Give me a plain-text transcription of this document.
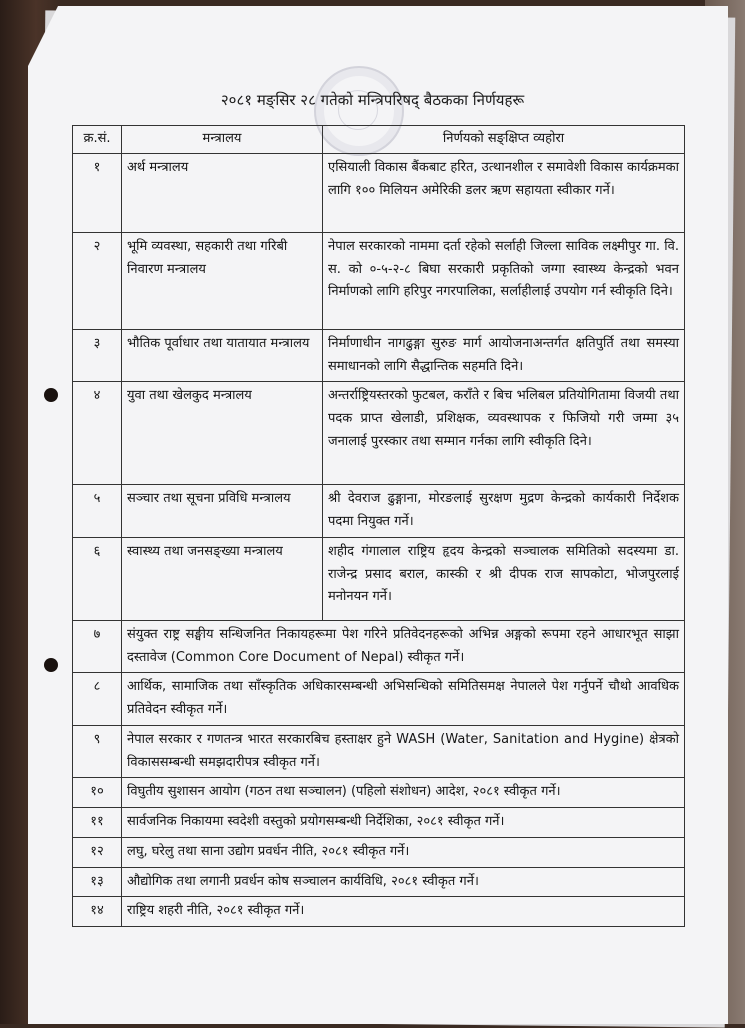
२०८१ मङ्सिर २८ गतेको मन्त्रिपरिषद् बैठकका निर्णयहरू
क्र.सं.	मन्त्रालय	निर्णयको सङ्क्षिप्त व्यहोरा
१	अर्थ मन्त्रालय	एसियाली विकास बैंकबाट हरित, उत्थानशील र समावेशी विकास कार्यक्रमका लागि १०० मिलियन अमेरिकी डलर ऋण सहायता स्वीकार गर्ने।
२	भूमि व्यवस्था, सहकारी तथा गरिबी निवारण मन्त्रालय	नेपाल सरकारको नाममा दर्ता रहेको सर्लाही जिल्ला साविक लक्ष्मीपुर गा. वि. स. को ०-५-२-८ बिघा सरकारी प्रकृतिको जग्गा स्वास्थ्य केन्द्रको भवन निर्माणको लागि हरिपुर नगरपालिका, सर्लाहीलाई उपयोग गर्न स्वीकृति दिने।
३	भौतिक पूर्वाधार तथा यातायात मन्त्रालय	निर्माणाधीन नागढुङ्गा सुरुङ मार्ग आयोजनाअन्तर्गत क्षतिपुर्ति तथा समस्या समाधानको लागि सैद्धान्तिक सहमति दिने।
४	युवा तथा खेलकुद मन्त्रालय	अन्तर्राष्ट्रियस्तरको फुटबल, कराँते र बिच भलिबल प्रतियोगितामा विजयी तथा पदक प्राप्त खेलाडी, प्रशिक्षक, व्यवस्थापक र फिजियो गरी जम्मा ३५ जनालाई पुरस्कार तथा सम्मान गर्नका लागि स्वीकृति दिने।
५	सञ्चार तथा सूचना प्रविधि मन्त्रालय	श्री देवराज ढुङ्गाना, मोरङलाई सुरक्षण मुद्रण केन्द्रको कार्यकारी निर्देशक पदमा नियुक्त गर्ने।
६	स्वास्थ्य तथा जनसङ्ख्या मन्त्रालय	शहीद गंगालाल राष्ट्रिय हृदय केन्द्रको सञ्चालक समितिको सदस्यमा डा. राजेन्द्र प्रसाद बराल, कास्की र श्री दीपक राज सापकोटा, भोजपुरलाई मनोनयन गर्ने।
७	संयुक्त राष्ट्र सङ्घीय सन्धिजनित निकायहरूमा पेश गरिने प्रतिवेदनहरूको अभिन्न अङ्गको रूपमा रहने आधारभूत साझा दस्तावेज (Common Core Document of Nepal) स्वीकृत गर्ने।	
८	आर्थिक, सामाजिक तथा साँस्कृतिक अधिकारसम्बन्धी अभिसन्धिको समितिसमक्ष नेपालले पेश गर्नुपर्ने चौथो आवधिक प्रतिवेदन स्वीकृत गर्ने।	
९	नेपाल सरकार र गणतन्त्र भारत सरकारबिच हस्ताक्षर हुने WASH (Water, Sanitation and Hygine) क्षेत्रको विकाससम्बन्धी समझदारीपत्र स्वीकृत गर्ने।	
१०	विघुतीय सुशासन आयोग (गठन तथा सञ्चालन) (पहिलो संशोधन) आदेश, २०८१ स्वीकृत गर्ने।	
११	सार्वजनिक निकायमा स्वदेशी वस्तुको प्रयोगसम्बन्धी निर्देशिका, २०८१ स्वीकृत गर्ने।	
१२	लघु, घरेलु तथा साना उद्योग प्रवर्धन नीति, २०८१ स्वीकृत गर्ने।	
१३	औद्योगिक तथा लगानी प्रवर्धन कोष सञ्चालन कार्यविधि, २०८१ स्वीकृत गर्ने।	
१४	राष्ट्रिय शहरी नीति, २०८१ स्वीकृत गर्ने।	
